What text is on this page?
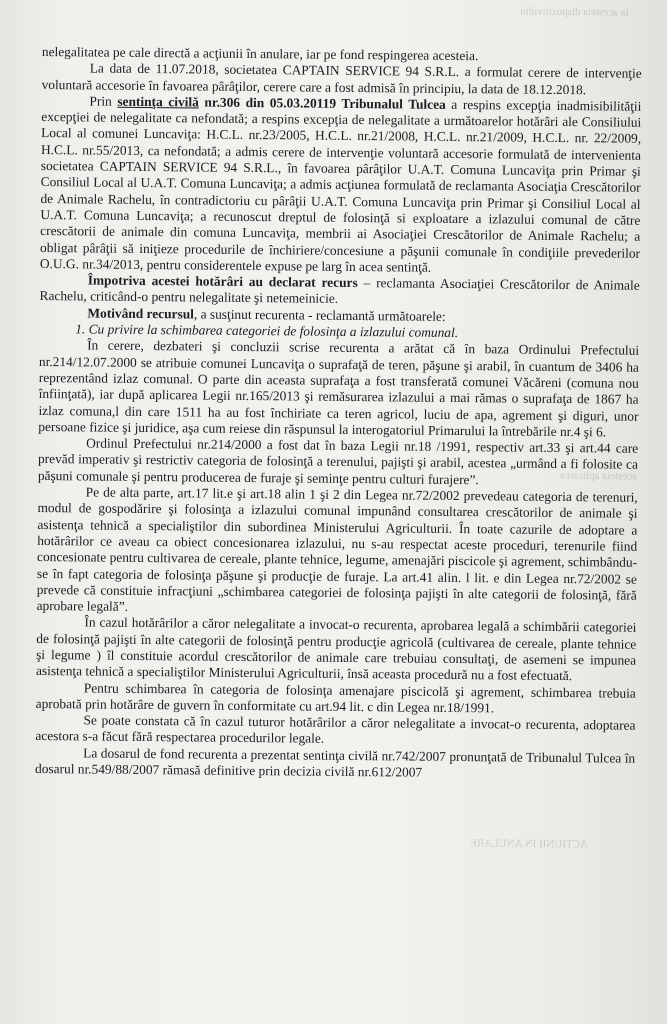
ia acesteia dispozitivului
acesteia aplicarea
ACTIUNII IN ANULARE

nelegalitatea pe cale directă a acţiunii în anulare, iar pe fond respingerea acesteia.

La data de 11.07.2018, societatea CAPTAIN SERVICE 94 S.R.L. a formulat cerere de intervenţie voluntară accesorie în favoarea pârâţilor, cerere care a fost admisă în principiu, la data de 18.12.2018.

Prin sentinţa civilă nr.306 din 05.03.20119 Tribunalul Tulcea a respins excepţia inadmisibilităţii excepţiei de nelegalitate ca nefondată; a respins excepţia de nelegalitate a următoarelor hotărâri ale Consiliului Local al comunei Luncaviţa: H.C.L. nr.23/2005, H.C.L. nr.21/2008, H.C.L. nr.21/2009, H.C.L. nr. 22/2009, H.C.L. nr.55/2013, ca nefondată; a admis cerere de intervenţie voluntară accesorie formulată de intervenienta societatea CAPTAIN SERVICE 94 S.R.L., în favoarea pârâţilor U.A.T. Comuna Luncaviţa prin Primar şi Consiliul Local al U.A.T. Comuna Luncaviţa; a admis acţiunea formulată de reclamanta Asociaţia Crescătorilor de Animale Rachelu, în contradictoriu cu pârâţii U.A.T. Comuna Luncaviţa prin Primar şi Consiliul Local al U.A.T. Comuna Luncaviţa; a recunoscut dreptul de folosinţă si exploatare a izlazului comunal de către crescătorii de animale din comuna Luncaviţa, membrii ai Asociaţiei Crescătorilor de Animale Rachelu; a obligat pârâţii să iniţieze procedurile de închiriere/concesiune a păşunii comunale în condiţiile prevederilor O.U.G. nr.34/2013, pentru considerentele expuse pe larg în acea sentinţă.

Împotriva acestei hotărâri au declarat recurs – reclamanta Asociaţiei Crescătorilor de Animale Rachelu, criticând-o pentru nelegalitate şi netemeinicie.

Motivând recursul, a susţinut recurenta - reclamantă următoarele:

1. Cu privire la schimbarea categoriei de folosinţa a izlazului comunal.

În cerere, dezbateri şi concluzii scrise recurenta a arătat că în baza Ordinului Prefectului nr.214/12.07.2000 se atribuie comunei Luncaviţa o suprafaţă de teren, păşune şi arabil, în cuantum de 3406 ha reprezentând izlaz comunal. O parte din aceasta suprafaţa a fost transferată comunei Văcăreni (comuna nou înfiinţată), iar după aplicarea Legii nr.165/2013 şi remăsurarea izlazului a mai rămas o suprafaţa de 1867 ha izlaz comuna,l din care 1511 ha au fost închiriate ca teren agricol, luciu de apa, agrement şi diguri, unor persoane fizice şi juridice, aşa cum reiese din răspunsul la interogatoriul Primarului la întrebările nr.4 şi 6.

Ordinul Prefectului nr.214/2000 a fost dat în baza Legii nr.18 /1991, respectiv art.33 şi art.44 care prevăd imperativ şi restrictiv categoria de folosinţă a terenului, pajişti şi arabil, acestea „urmând a fi folosite ca păşuni comunale şi pentru producerea de furaje şi seminţe pentru culturi furajere”.

Pe de alta parte, art.17 lit.e şi art.18 alin 1 şi 2 din Legea nr.72/2002 prevedeau categoria de terenuri, modul de gospodărire şi folosinţa a izlazului comunal impunând consultarea crescătorilor de animale şi asistenţa tehnică a specialiştilor din subordinea Ministerului Agriculturii. În toate cazurile de adoptare a hotărârilor ce aveau ca obiect concesionarea izlazului, nu s-au respectat aceste proceduri, terenurile fiind concesionate pentru cultivarea de cereale, plante tehnice, legume, amenajări piscicole şi agrement, schimbându-se în fapt categoria de folosinţa păşune şi producţie de furaje. La art.41 alin. l lit. e din Legea nr.72/2002 se prevede că constituie infracţiuni „schimbarea categoriei de folosinţa pajişti în alte categorii de folosinţă, fără aprobare legală”.

În cazul hotărârilor a căror nelegalitate a invocat-o recurenta, aprobarea legală a schimbării categoriei de folosinţă pajişti în alte categorii de folosinţă pentru producţie agricolă (cultivarea de cereale, plante tehnice şi legume ) îl constituie acordul crescătorilor de animale care trebuiau consultaţi, de asemeni se impunea asistenţa tehnică a specialiştilor Ministerului Agriculturii, însă aceasta procedură nu a fost efectuată.

Pentru schimbarea în categoria de folosinţa amenajare piscicolă şi agrement, schimbarea trebuia aprobată prin hotărâre de guvern în conformitate cu art.94 lit. c din Legea nr.18/1991.

Se poate constata că în cazul tuturor hotărârilor a căror nelegalitate a invocat-o recurenta, adoptarea acestora s-a făcut fără respectarea procedurilor legale.

La dosarul de fond recurenta a prezentat sentinţa civilă nr.742/2007 pronunţată de Tribunalul Tulcea în dosarul nr.549/88/2007 rămasă definitive prin decizia civilă nr.612/2007
